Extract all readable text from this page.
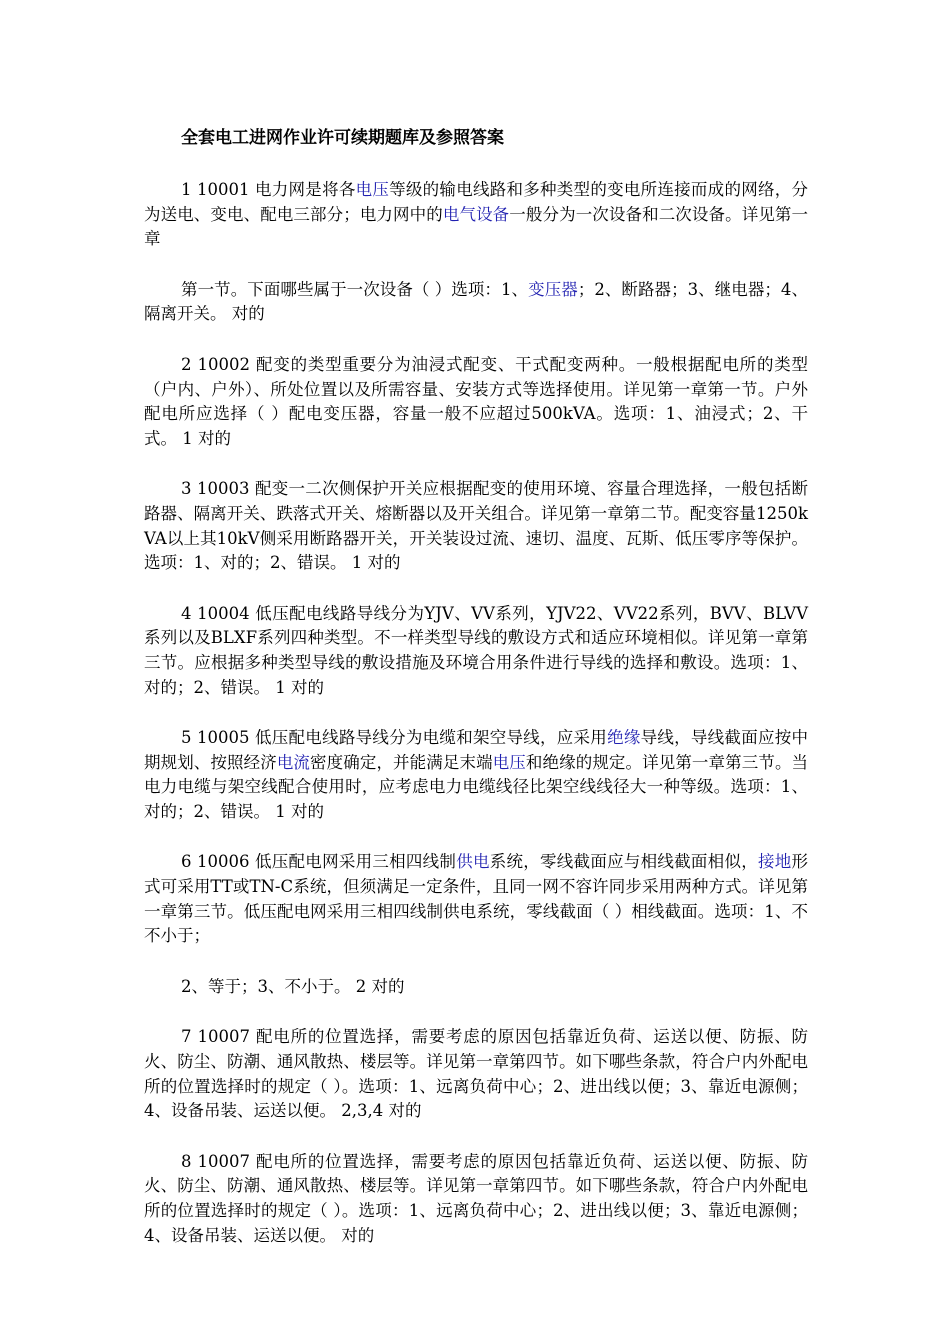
全套电工进网作业许可续期题库及参照答案

1 10001 电力网是将各电压等级的输电线路和多种类型的变电所连接而成的网络，分为送电、变电、配电三部分；电力网中的电气设备一般分为一次设备和二次设备。详见第一章

第一节。下面哪些属于一次设备（ ）选项：1、变压器；2、断路器；3、继电器；4、隔离开关。 对的

2 10002 配变的类型重要分为油浸式配变、干式配变两种。一般根据配电所的类型（户内、户外）、所处位置以及所需容量、安装方式等选择使用。详见第一章第一节。户外配电所应选择（ ）配电变压器，容量一般不应超过500kVA。选项：1、油浸式；2、干式。 1 对的

3 10003 配变一二次侧保护开关应根据配变的使用环境、容量合理选择，一般包括断路器、隔离开关、跌落式开关、熔断器以及开关组合。详见第一章第二节。配变容量1250kVA以上其10kV侧采用断路器开关，开关装设过流、速切、温度、瓦斯、低压零序等保护。选项：1、对的；2、错误。 1 对的

4 10004 低压配电线路导线分为YJV、VV系列，YJV22、VV22系列，BVV、BLVV系列以及BLXF系列四种类型。不一样类型导线的敷设方式和适应环境相似。详见第一章第三节。应根据多种类型导线的敷设措施及环境合用条件进行导线的选择和敷设。选项：1、对的；2、错误。 1 对的

5 10005 低压配电线路导线分为电缆和架空导线，应采用绝缘导线，导线截面应按中期规划、按照经济电流密度确定，并能满足末端电压和绝缘的规定。详见第一章第三节。当电力电缆与架空线配合使用时，应考虑电力电缆线径比架空线线径大一种等级。选项：1、对的；2、错误。 1 对的

6 10006 低压配电网采用三相四线制供电系统，零线截面应与相线截面相似，接地形式可采用TT或TN-C系统，但须满足一定条件，且同一网不容许同步采用两种方式。详见第一章第三节。低压配电网采用三相四线制供电系统，零线截面（ ）相线截面。选项：1、不不小于；

2、等于；3、不小于。 2 对的

7 10007 配电所的位置选择，需要考虑的原因包括靠近负荷、运送以便、防振、防火、防尘、防潮、通风散热、楼层等。详见第一章第四节。如下哪些条款，符合户内外配电所的位置选择时的规定（ ）。选项：1、远离负荷中心；2、进出线以便；3、靠近电源侧；4、设备吊装、运送以便。 2,3,4 对的

8 10007 配电所的位置选择，需要考虑的原因包括靠近负荷、运送以便、防振、防火、防尘、防潮、通风散热、楼层等。详见第一章第四节。如下哪些条款，符合户内外配电所的位置选择时的规定（ ）。选项：1、远离负荷中心；2、进出线以便；3、靠近电源侧；4、设备吊装、运送以便。 对的
